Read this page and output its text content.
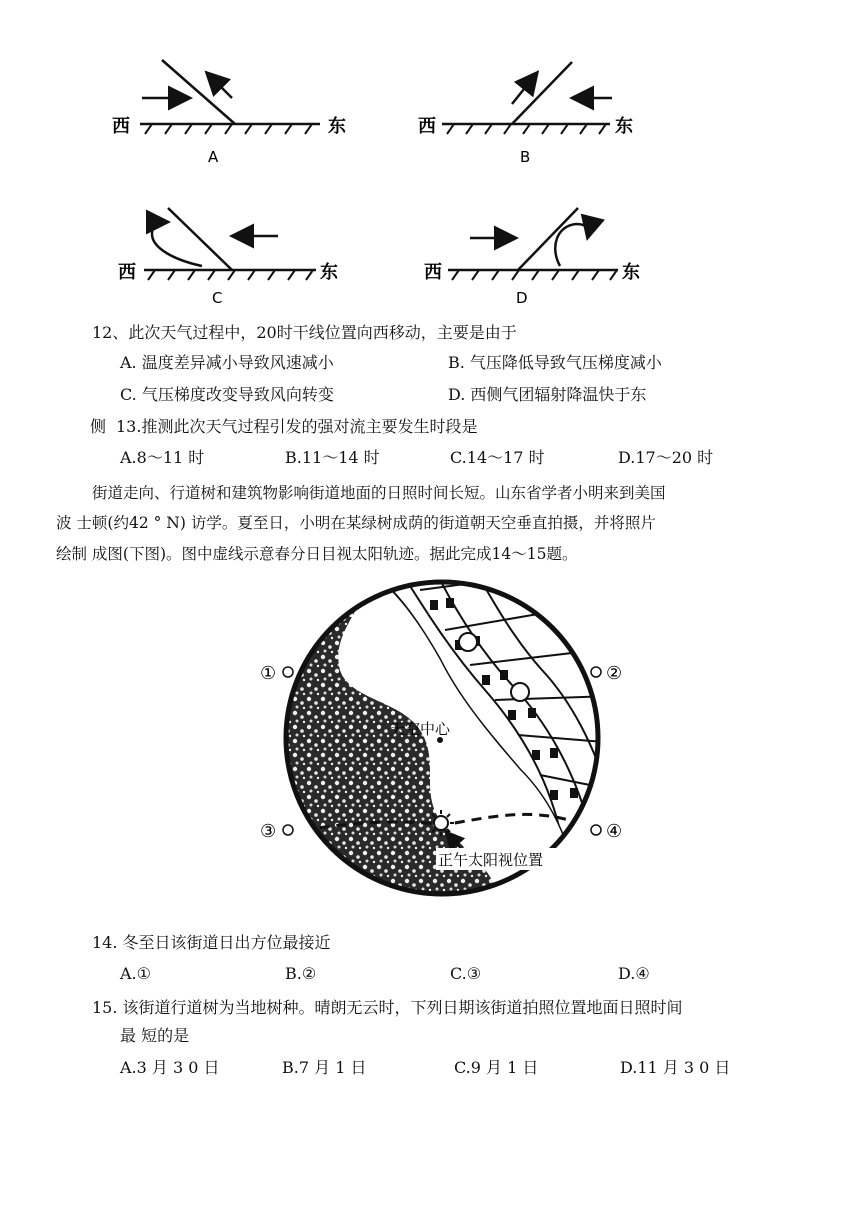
西	东
A
西	东
B
西	东
C
西	东
D
12、此次天气过程中，20时干线位置向西移动，主要是由于
A. 温度差异减小导致风速减小	B. 气压降低导致气压梯度减小
C. 气压梯度改变导致风向转变	D. 西侧气团辐射降温快于东
侧 13.推测此次天气过程引发的强对流主要发生时段是
A.8～11 时	B.11～14 时	C.14～17 时	D.17～20 时
街道走向、行道树和建筑物影响街道地面的日照时间长短。山东省学者小明来到美国
波 士顿(约42 ° N) 访学。夏至日，小明在某绿树成荫的街道朝天空垂直拍摄，并将照片
绘制 成图(下图)。图中虚线示意春分日目视太阳轨迹。据此完成14～15题。
天空中心
正午太阳视位置
①	②
③	④
14. 冬至日该街道日出方位最接近
A.①	B.②	C.③	D.④
15. 该街道行道树为当地树种。晴朗无云时，下列日期该街道拍照位置地面日照时间
最 短的是
A.3 月 3 0 日	B.7 月 1 日	C.9 月 1 日	D.11 月 3 0 日
